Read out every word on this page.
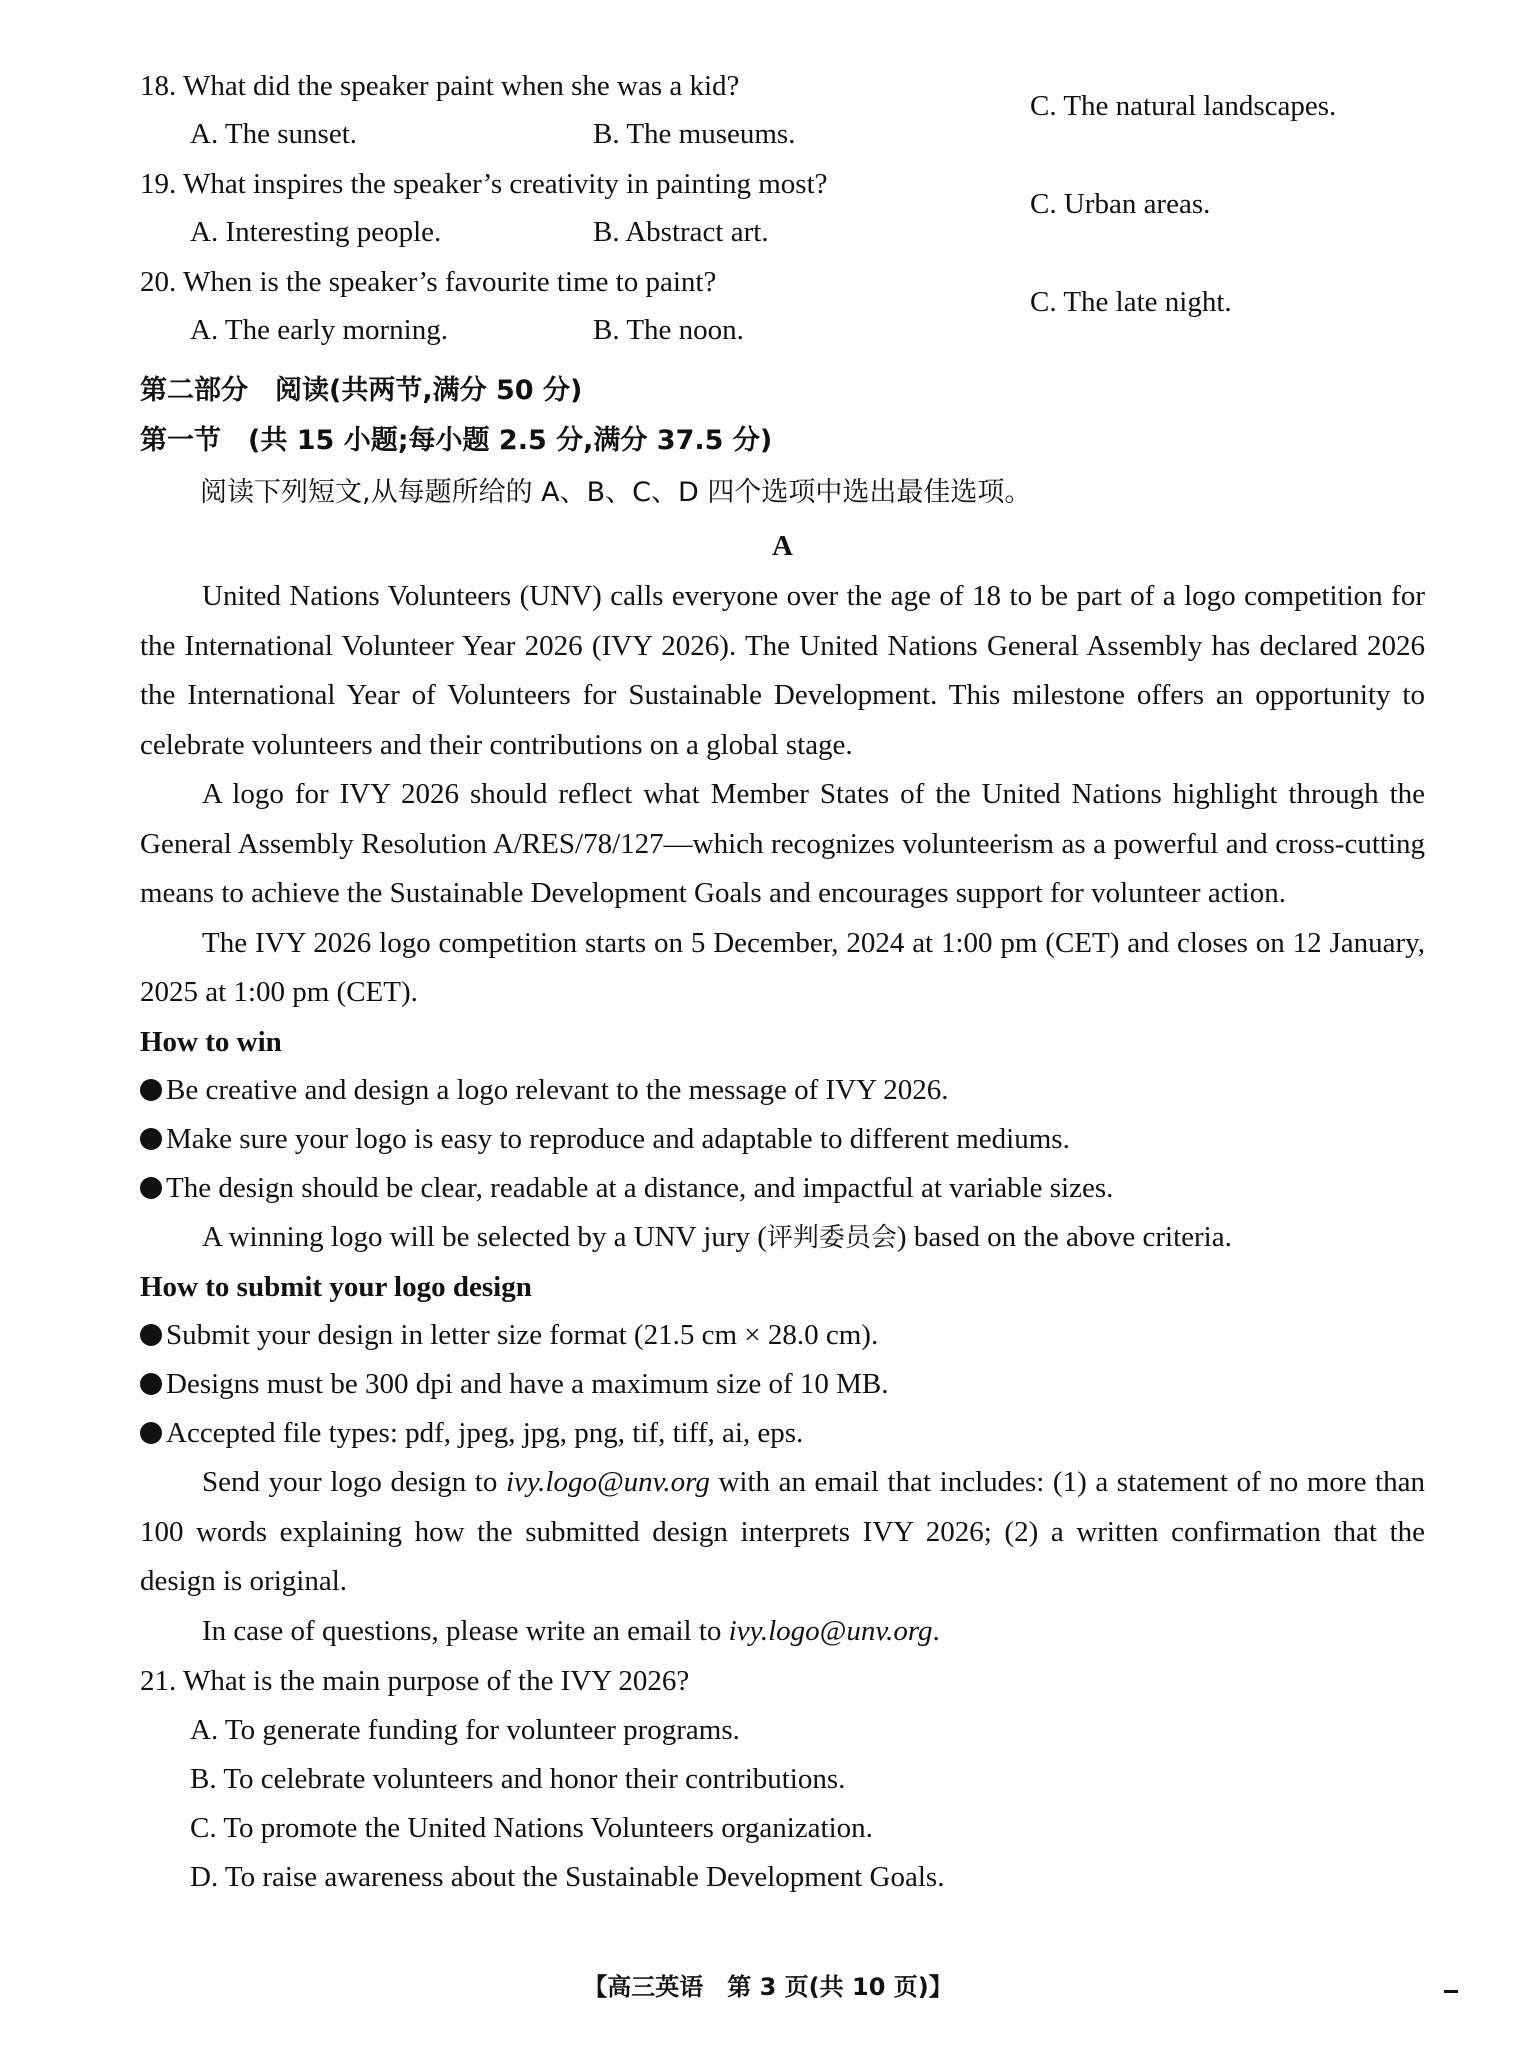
18. What did the speaker paint when she was a kid?
A. The sunset.	B. The museums.
C. The natural landscapes.
19. What inspires the speaker’s creativity in painting most?
A. Interesting people.	B. Abstract art.
C. Urban areas.
20. When is the speaker’s favourite time to paint?
A. The early morning.	B. The noon.
C. The late night.
第二部分　阅读(共两节,满分 50 分)
第一节　(共 15 小题;每小题 2.5 分,满分 37.5 分)
阅读下列短文,从每题所给的 A、B、C、D 四个选项中选出最佳选项。
A

United Nations Volunteers (UNV) calls everyone over the age of 18 to be part of a logo competition for the International Volunteer Year 2026 (IVY 2026). The United Nations General Assembly has declared 2026 the International Year of Volunteers for Sustainable Development. This milestone offers an opportunity to celebrate volunteers and their contributions on a global stage.

A logo for IVY 2026 should reflect what Member States of the United Nations highlight through the General Assembly Resolution A/RES/78/127—which recognizes volunteerism as a powerful and cross-cutting means to achieve the Sustainable Development Goals and encourages support for volunteer action.

The IVY 2026 logo competition starts on 5 December, 2024 at 1:00 pm (CET) and closes on 12 January, 2025 at 1:00 pm (CET).

How to win
Be creative and design a logo relevant to the message of IVY 2026.
Make sure your logo is easy to reproduce and adaptable to different mediums.
The design should be clear, readable at a distance, and impactful at variable sizes.

A winning logo will be selected by a UNV jury (评判委员会) based on the above criteria.

How to submit your logo design
Submit your design in letter size format (21.5 cm × 28.0 cm).
Designs must be 300 dpi and have a maximum size of 10 MB.
Accepted file types: pdf, jpeg, jpg, png, tif, tiff, ai, eps.

Send your logo design to ivy.logo@unv.org with an email that includes: (1) a statement of no more than 100 words explaining how the submitted design interprets IVY 2026; (2) a written confirmation that the design is original.

In case of questions, please write an email to ivy.logo@unv.org.

21. What is the main purpose of the IVY 2026?
A. To generate funding for volunteer programs.
B. To celebrate volunteers and honor their contributions.
C. To promote the United Nations Volunteers organization.
D. To raise awareness about the Sustainable Development Goals.
【高三英语　第 3 页(共 10 页)】
